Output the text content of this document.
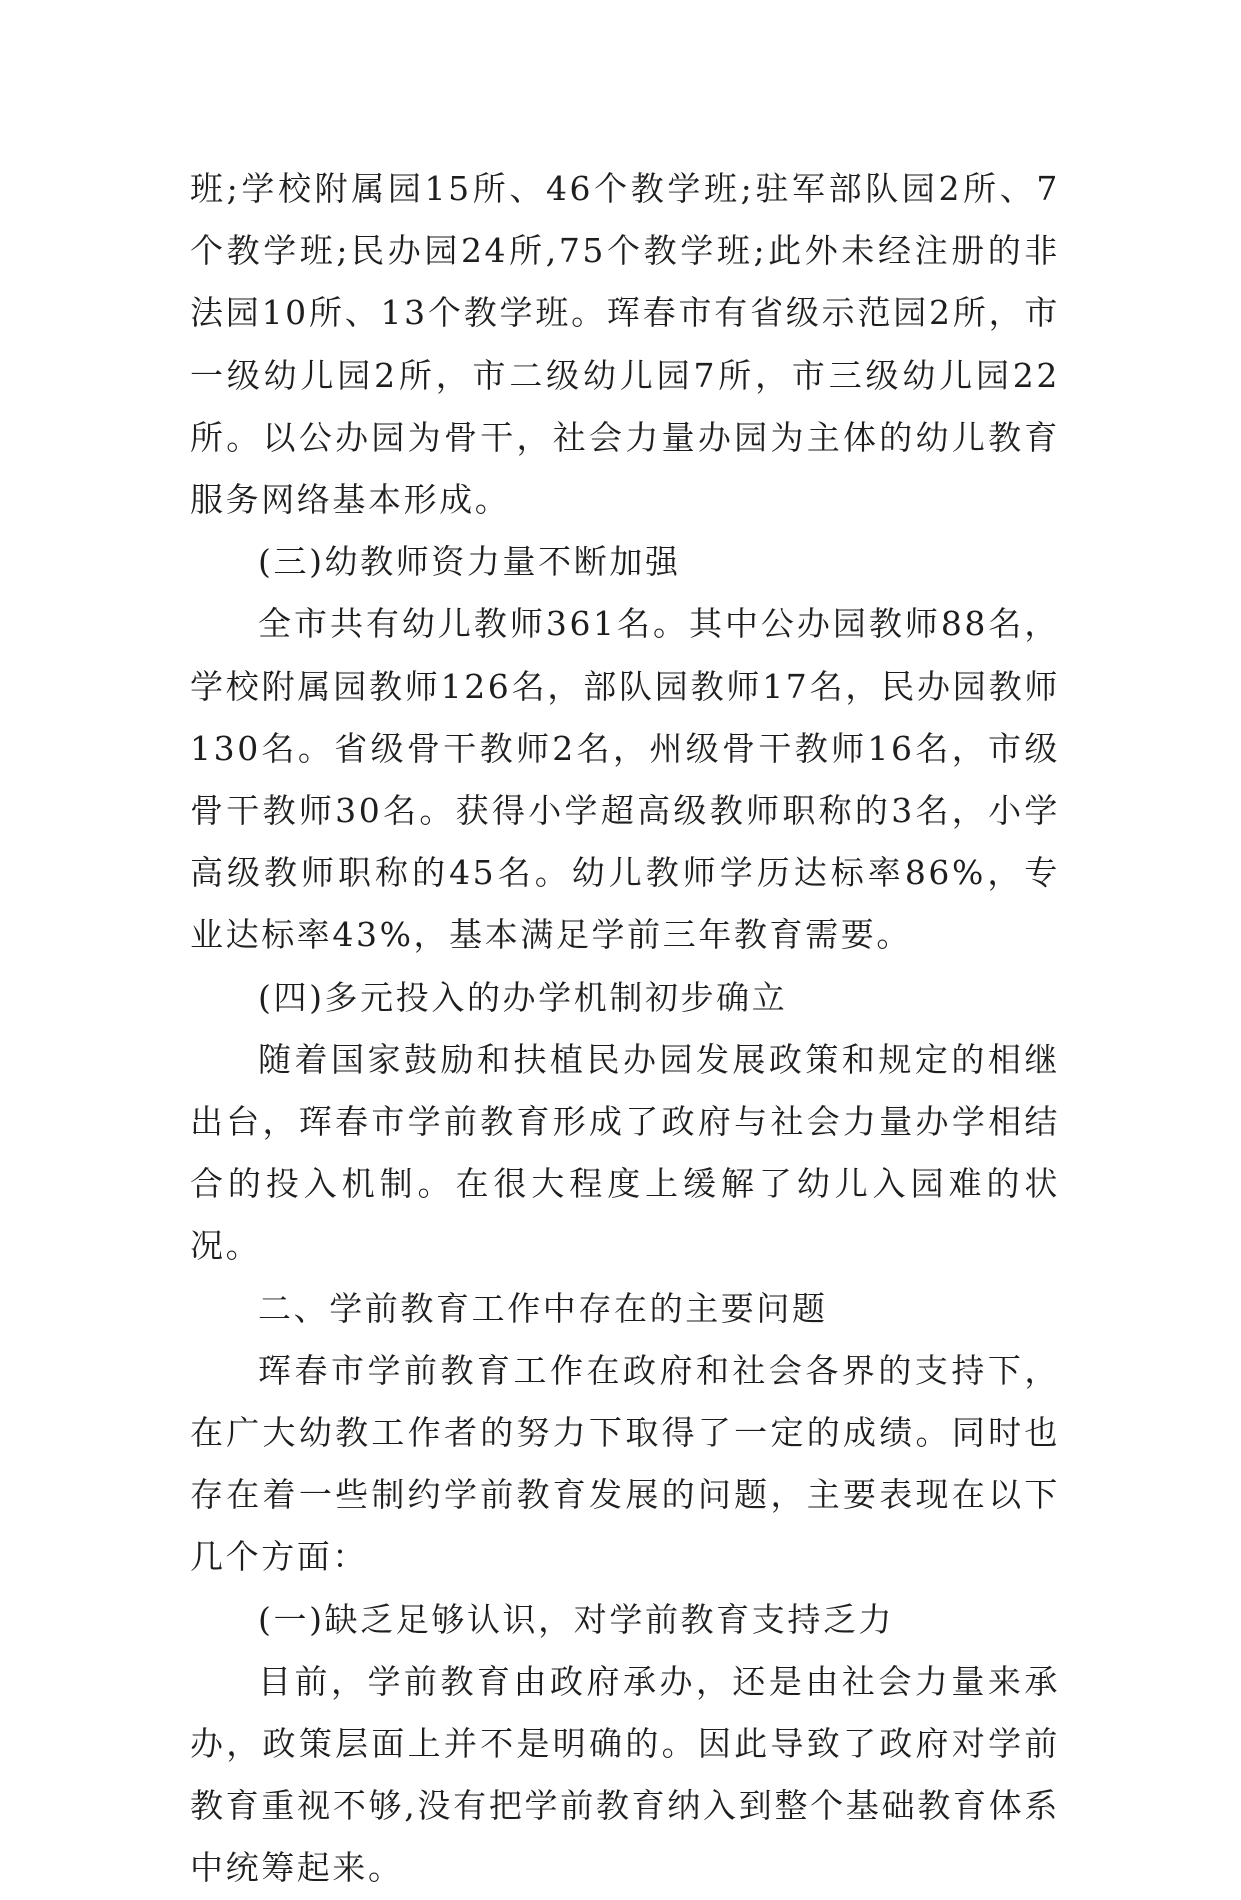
班;学校附属园15所、46个教学班;驻军部队园2所、7个教学班;民办园24所,75个教学班;此外未经注册的非法园10所、13个教学班。珲春市有省级示范园2所，市一级幼儿园2所，市二级幼儿园7所，市三级幼儿园22所。以公办园为骨干，社会力量办园为主体的幼儿教育服务网络基本形成。

(三)幼教师资力量不断加强

全市共有幼儿教师361名。其中公办园教师88名，学校附属园教师126名，部队园教师17名，民办园教师130名。省级骨干教师2名，州级骨干教师16名，市级骨干教师30名。获得小学超高级教师职称的3名，小学高级教师职称的45名。幼儿教师学历达标率86%，专业达标率43%，基本满足学前三年教育需要。

(四)多元投入的办学机制初步确立

随着国家鼓励和扶植民办园发展政策和规定的相继出台，珲春市学前教育形成了政府与社会力量办学相结合的投入机制。在很大程度上缓解了幼儿入园难的状况。

二、学前教育工作中存在的主要问题

珲春市学前教育工作在政府和社会各界的支持下，在广大幼教工作者的努力下取得了一定的成绩。同时也存在着一些制约学前教育发展的问题，主要表现在以下几个方面：

(一)缺乏足够认识，对学前教育支持乏力

目前，学前教育由政府承办，还是由社会力量来承办，政策层面上并不是明确的。因此导致了政府对学前教育重视不够,没有把学前教育纳入到整个基础教育体系中统筹起来。
